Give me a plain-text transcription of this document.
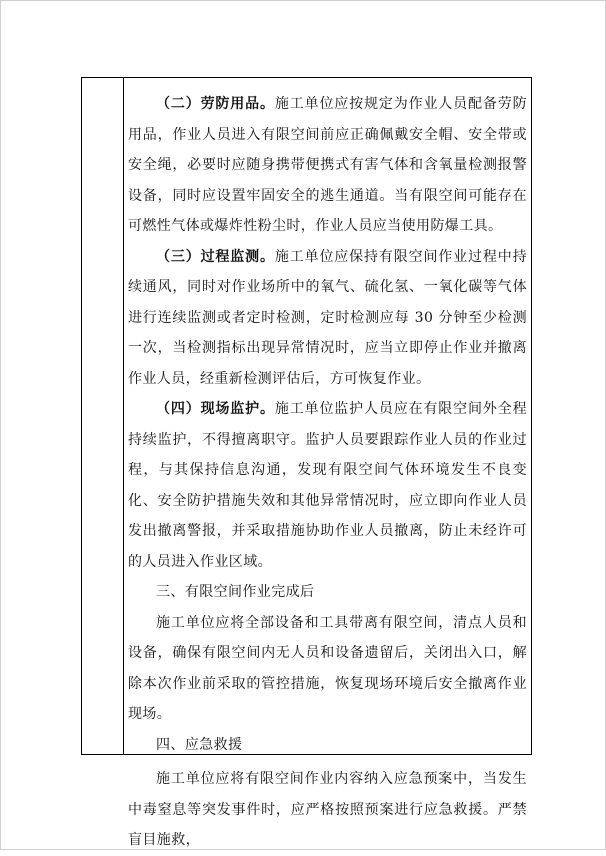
（二）劳防用品。施工单位应按规定为作业人员配备劳防用品，作业人员进入有限空间前应正确佩戴安全帽、安全带或安全绳，必要时应随身携带便携式有害气体和含氧量检测报警设备，同时应设置牢固安全的逃生通道。当有限空间可能存在可燃性气体或爆炸性粉尘时，作业人员应当使用防爆工具。

（三）过程监测。施工单位应保持有限空间作业过程中持续通风，同时对作业场所中的氧气、硫化氢、一氧化碳等气体进行连续监测或者定时检测，定时检测应每 30 分钟至少检测一次，当检测指标出现异常情况时，应当立即停止作业并撤离作业人员，经重新检测评估后，方可恢复作业。

（四）现场监护。施工单位监护人员应在有限空间外全程持续监护，不得擅离职守。监护人员要跟踪作业人员的作业过程，与其保持信息沟通，发现有限空间气体环境发生不良变化、安全防护措施失效和其他异常情况时，应立即向作业人员发出撤离警报，并采取措施协助作业人员撤离，防止未经许可的人员进入作业区域。

三、有限空间作业完成后

施工单位应将全部设备和工具带离有限空间，清点人员和设备，确保有限空间内无人员和设备遗留后，关闭出入口，解除本次作业前采取的管控措施，恢复现场环境后安全撤离作业现场。

四、应急救援

施工单位应将有限空间作业内容纳入应急预案中，当发生中毒窒息等突发事件时，应严格按照预案进行应急救援。严禁盲目施救，
